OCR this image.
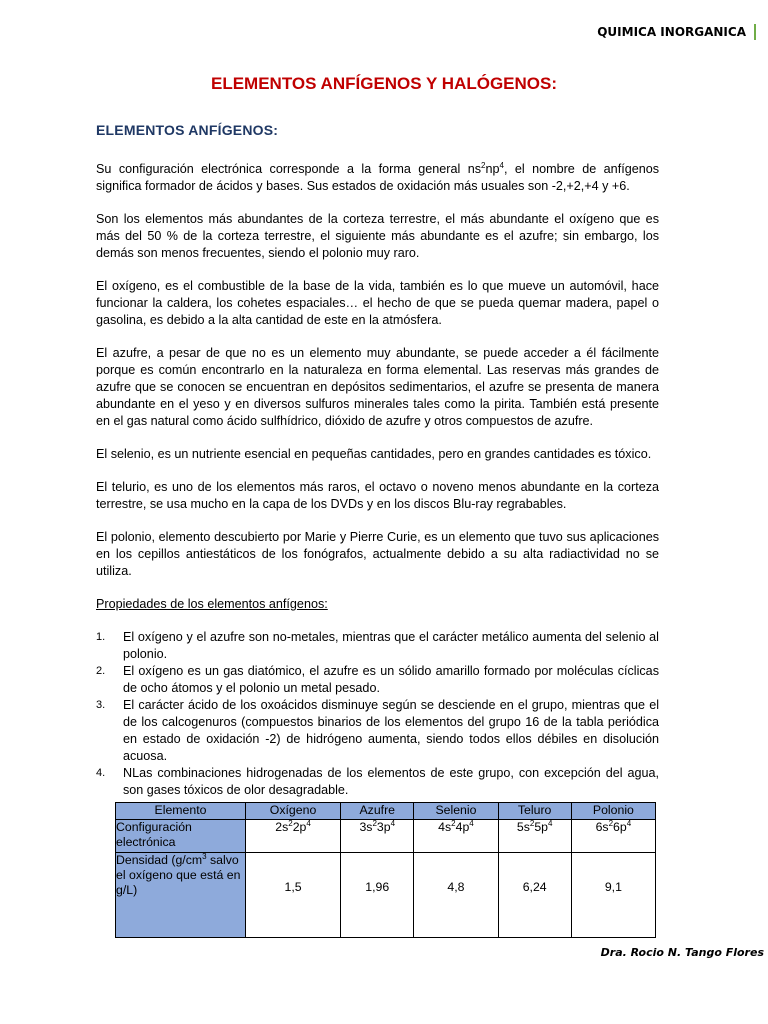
QUIMICA INORGANICA
ELEMENTOS ANFÍGENOS Y HALÓGENOS:
ELEMENTOS ANFÍGENOS:

Su configuración electrónica corresponde a la forma general $ns^2np^4$, el nombre de anfígenos significa formador de ácidos y bases. Sus estados de oxidación más usuales son -2,+2,+4 y +6.

Son los elementos más abundantes de la corteza terrestre, el más abundante el oxígeno que es más del 50 % de la corteza terrestre, el siguiente más abundante es el azufre; sin embargo, los demás son menos frecuentes, siendo el polonio muy raro.

El oxígeno, es el combustible de la base de la vida, también es lo que mueve un automóvil, hace funcionar la caldera, los cohetes espaciales… el hecho de que se pueda quemar madera, papel o gasolina, es debido a la alta cantidad de este en la atmósfera.

El azufre, a pesar de que no es un elemento muy abundante, se puede acceder a él fácilmente porque es común encontrarlo en la naturaleza en forma elemental. Las reservas más grandes de azufre que se conocen se encuentran en depósitos sedimentarios, el azufre se presenta de manera abundante en el yeso y en diversos sulfuros minerales tales como la pirita. También está presente en el gas natural como ácido sulfhídrico, dióxido de azufre y otros compuestos de azufre.

El selenio, es un nutriente esencial en pequeñas cantidades, pero en grandes cantidades es tóxico.

El telurio, es uno de los elementos más raros, el octavo o noveno menos abundante en la corteza terrestre, se usa mucho en la capa de los DVDs y en los discos Blu-ray regrabables.

El polonio, elemento descubierto por Marie y Pierre Curie, es un elemento que tuvo sus aplicaciones en los cepillos antiestáticos de los fonógrafos, actualmente debido a su alta radiactividad no se utiliza.

Propiedades de los elementos anfígenos:

1. El oxígeno y el azufre son no-metales, mientras que el carácter metálico aumenta del selenio al polonio.
2. El oxígeno es un gas diatómico, el azufre es un sólido amarillo formado por moléculas cíclicas de ocho átomos y el polonio un metal pesado.
3. El carácter ácido de los oxoácidos disminuye según se desciende en el grupo, mientras que el de los calcogenuros (compuestos binarios de los elementos del grupo 16 de la tabla periódica en estado de oxidación -2) de hidrógeno aumenta, siendo todos ellos débiles en disolución acuosa.
4. NLas combinaciones hidrogenadas de los elementos de este grupo, con excepción del agua, son gases tóxicos de olor desagradable.
Elemento	Oxígeno	Azufre	Selenio	Teluro	Polonio
Configuración electrónica	$2s^22p^4$	$3s^23p^4$	$4s^24p^4$	$5s^25p^4$	$6s^26p^4$
Densidad ($g/cm^3$ salvo el oxígeno que está en g/L)	1,5	1,96	4,8	6,24	9,1
Dra. Rocio N. Tango Flores
